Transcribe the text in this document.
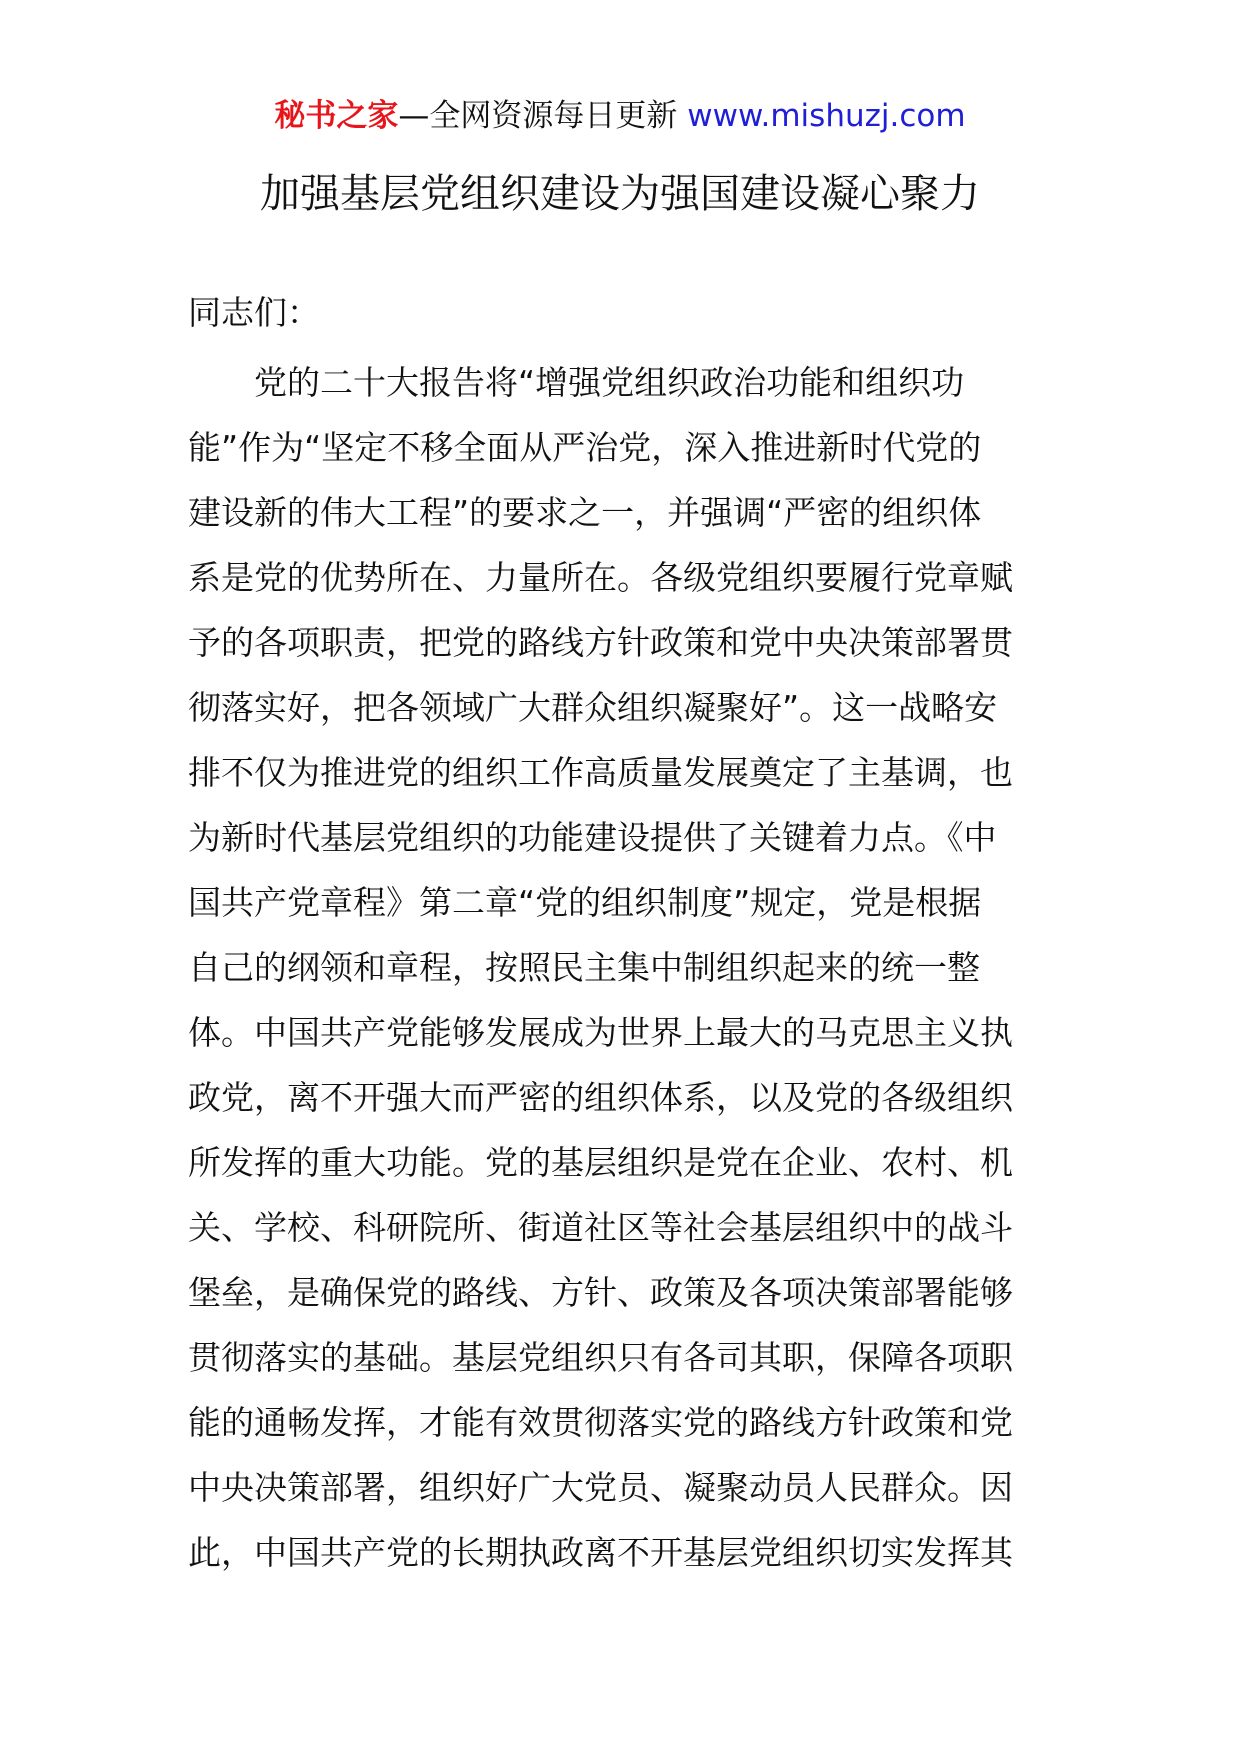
秘书之家—全网资源每日更新 www.mishuzj.com
加强基层党组织建设为强国建设凝心聚力

同志们：

党的二十大报告将“增强党组织政治功能和组织功
能”作为“坚定不移全面从严治党，深入推进新时代党的
建设新的伟大工程”的要求之一，并强调“严密的组织体
系是党的优势所在、力量所在。各级党组织要履行党章赋
予的各项职责，把党的路线方针政策和党中央决策部署贯
彻落实好，把各领域广大群众组织凝聚好”。这一战略安
排不仅为推进党的组织工作高质量发展奠定了主基调，也
为新时代基层党组织的功能建设提供了关键着力点。《中
国共产党章程》第二章“党的组织制度”规定，党是根据
自己的纲领和章程，按照民主集中制组织起来的统一整
体。中国共产党能够发展成为世界上最大的马克思主义执
政党，离不开强大而严密的组织体系，以及党的各级组织
所发挥的重大功能。党的基层组织是党在企业、农村、机
关、学校、科研院所、街道社区等社会基层组织中的战斗
堡垒，是确保党的路线、方针、政策及各项决策部署能够
贯彻落实的基础。基层党组织只有各司其职，保障各项职
能的通畅发挥，才能有效贯彻落实党的路线方针政策和党
中央决策部署，组织好广大党员、凝聚动员人民群众。因
此，中国共产党的长期执政离不开基层党组织切实发挥其
